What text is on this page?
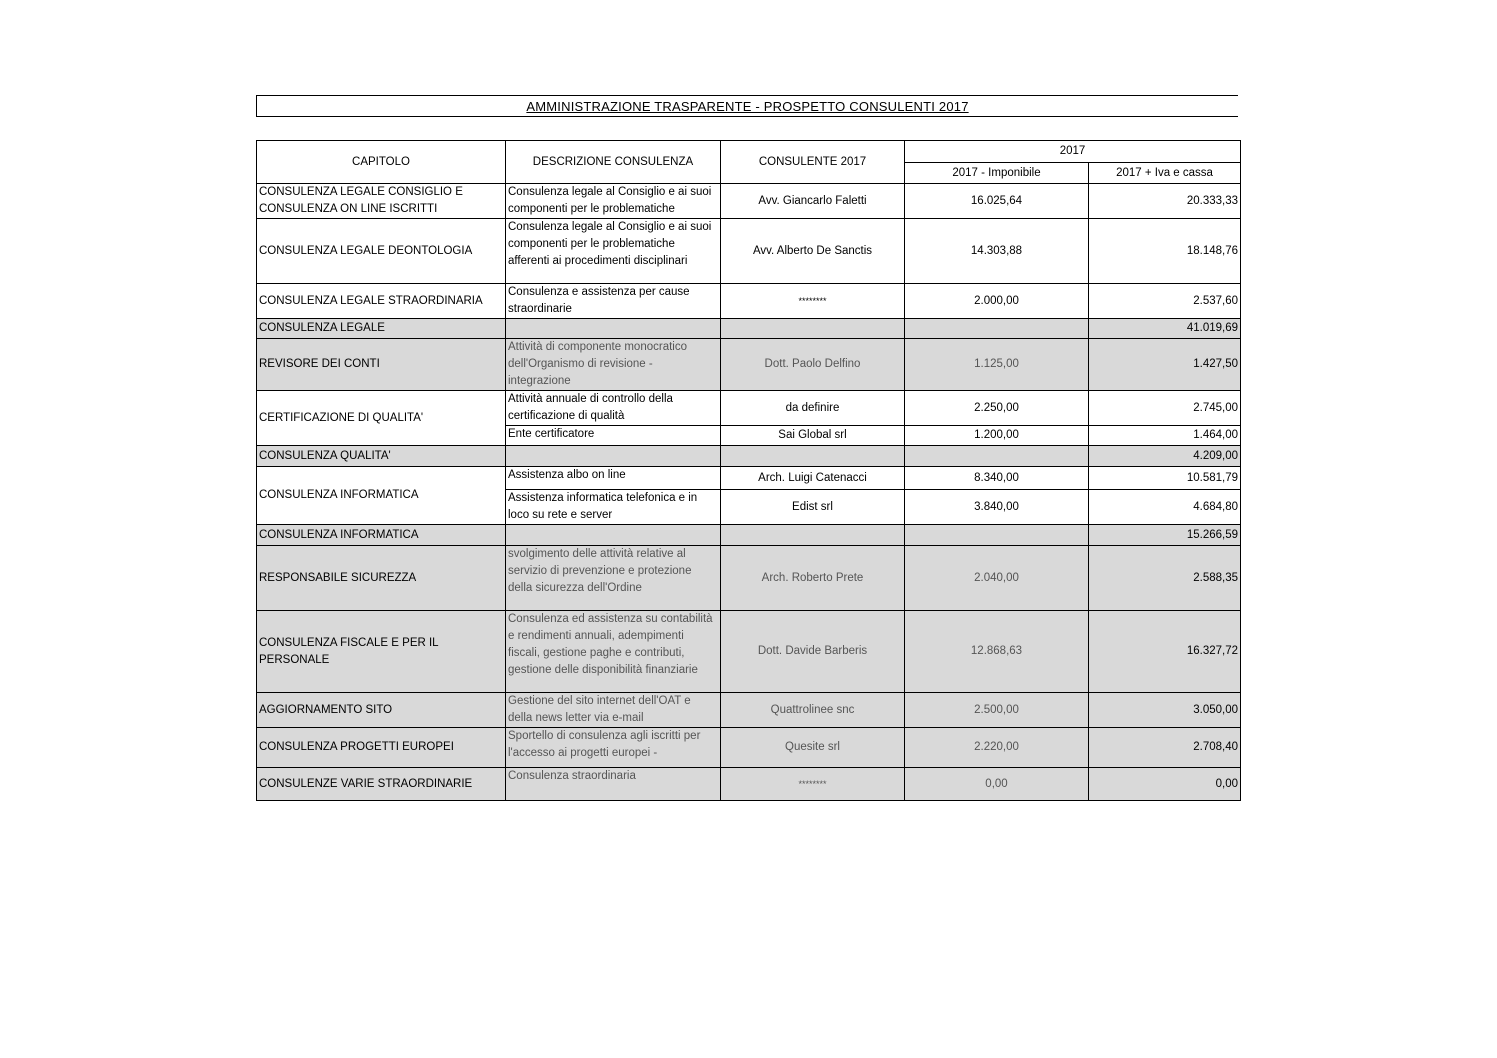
AMMINISTRAZIONE TRASPARENTE - PROSPETTO CONSULENTI 2017
CAPITOLO	DESCRIZIONE CONSULENZA	CONSULENTE 2017	2017	
			2017 - Imponibile	2017 + Iva e cassa
CONSULENZA LEGALE CONSIGLIO E CONSULENZA ON LINE ISCRITTI	Consulenza legale al Consiglio e ai suoi componenti per le problematiche	Avv. Giancarlo Faletti	16.025,64	20.333,33
CONSULENZA LEGALE DEONTOLOGIA	Consulenza legale al Consiglio e ai suoi componenti per le problematiche afferenti ai procedimenti disciplinari	Avv. Alberto De Sanctis	14.303,88	18.148,76
CONSULENZA LEGALE STRAORDINARIA	Consulenza e assistenza per cause straordinarie	********	2.000,00	2.537,60
CONSULENZA LEGALE				41.019,69
REVISORE DEI CONTI	Attività di componente monocratico dell'Organismo di revisione - integrazione	Dott. Paolo Delfino	1.125,00	1.427,50
CERTIFICAZIONE DI QUALITA'	Attività annuale di controllo della certificazione di qualità	da definire	2.250,00	2.745,00
	Ente certificatore	Sai Global srl	1.200,00	1.464,00
CONSULENZA QUALITA'				4.209,00
CONSULENZA INFORMATICA	Assistenza albo on line	Arch. Luigi Catenacci	8.340,00	10.581,79
	Assistenza informatica telefonica e in loco su rete e server	Edist srl	3.840,00	4.684,80
CONSULENZA INFORMATICA				15.266,59
RESPONSABILE SICUREZZA	svolgimento delle attività relative al servizio di prevenzione e protezione della sicurezza dell'Ordine	Arch. Roberto Prete	2.040,00	2.588,35
CONSULENZA FISCALE E PER IL PERSONALE	Consulenza ed assistenza su contabilità e rendimenti annuali, adempimenti fiscali, gestione paghe e contributi, gestione delle disponibilità finanziarie	Dott. Davide Barberis	12.868,63	16.327,72
AGGIORNAMENTO SITO	Gestione del sito internet dell'OAT e della news letter via e-mail	Quattrolinee snc	2.500,00	3.050,00
CONSULENZA PROGETTI EUROPEI	Sportello di consulenza agli iscritti per l'accesso ai progetti europei -	Quesite srl	2.220,00	2.708,40
CONSULENZE VARIE STRAORDINARIE	Consulenza straordinaria	********	0,00	0,00
